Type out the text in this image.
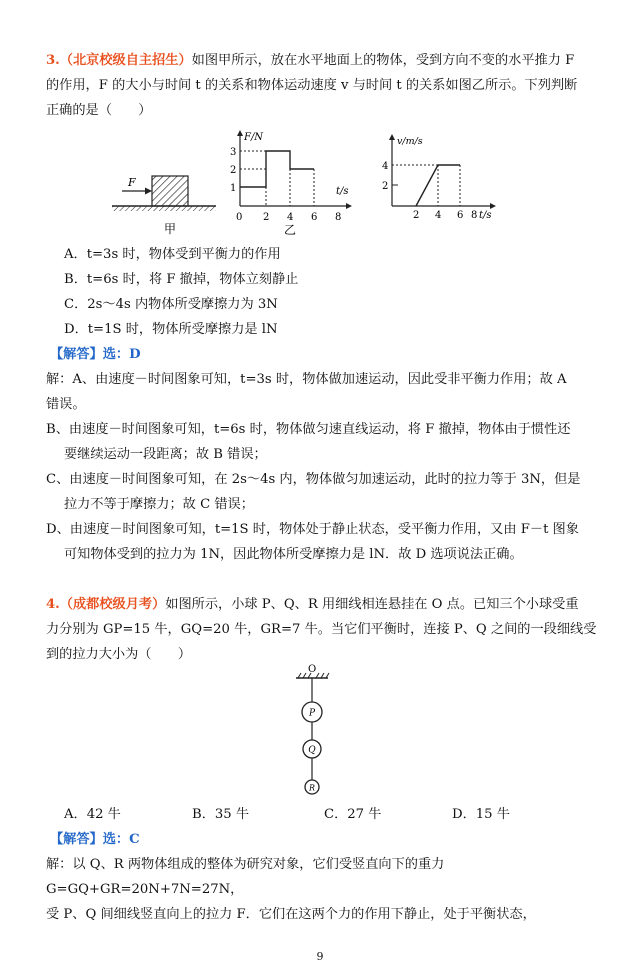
3.（北京校级自主招生）如图甲所示，放在水平地面上的物体，受到方向不变的水平推力 F
的作用，F 的大小与时间 t 的关系和物体运动速度 v 与时间 t 的关系如图乙所示。下列判断
正确的是（　　）
F
甲
F/N
t/s
3
2
1
0 2 4 6 8
乙
v/m/s
t/s
4
2
2 4 6 8
A．t=3s 时，物体受到平衡力的作用
B．t=6s 时，将 F 撤掉，物体立刻静止
C．2s～4s 内物体所受摩擦力为 3N
D．t=1S 时，物体所受摩擦力是 lN
【解答】选：D
解：A、由速度－时间图象可知，t=3s 时，物体做加速运动，因此受非平衡力作用；故 A
错误。
B、由速度－时间图象可知，t=6s 时，物体做匀速直线运动，将 F 撤掉，物体由于惯性还
要继续运动一段距离；故 B 错误；
C、由速度－时间图象可知，在 2s～4s 内，物体做匀加速运动，此时的拉力等于 3N，但是
拉力不等于摩擦力；故 C 错误；
D、由速度－时间图象可知，t=1S 时，物体处于静止状态，受平衡力作用，又由 F－t 图象
可知物体受到的拉力为 1N，因此物体所受摩擦力是 lN．故 D 选项说法正确。
4.（成都校级月考）如图所示，小球 P、Q、R 用细线相连悬挂在 O 点。已知三个小球受重
力分别为 GP=15 牛，GQ=20 牛，GR=7 牛。当它们平衡时，连接 P、Q 之间的一段细线受
到的拉力大小为（　　）
O
P
Q
R
A．42 牛	B．35 牛	C．27 牛	D．15 牛
【解答】选：C
解：以 Q、R 两物体组成的整体为研究对象，它们受竖直向下的重力
G=GQ+GR=20N+7N=27N，
受 P、Q 间细线竖直向上的拉力 F．它们在这两个力的作用下静止，处于平衡状态，
9
